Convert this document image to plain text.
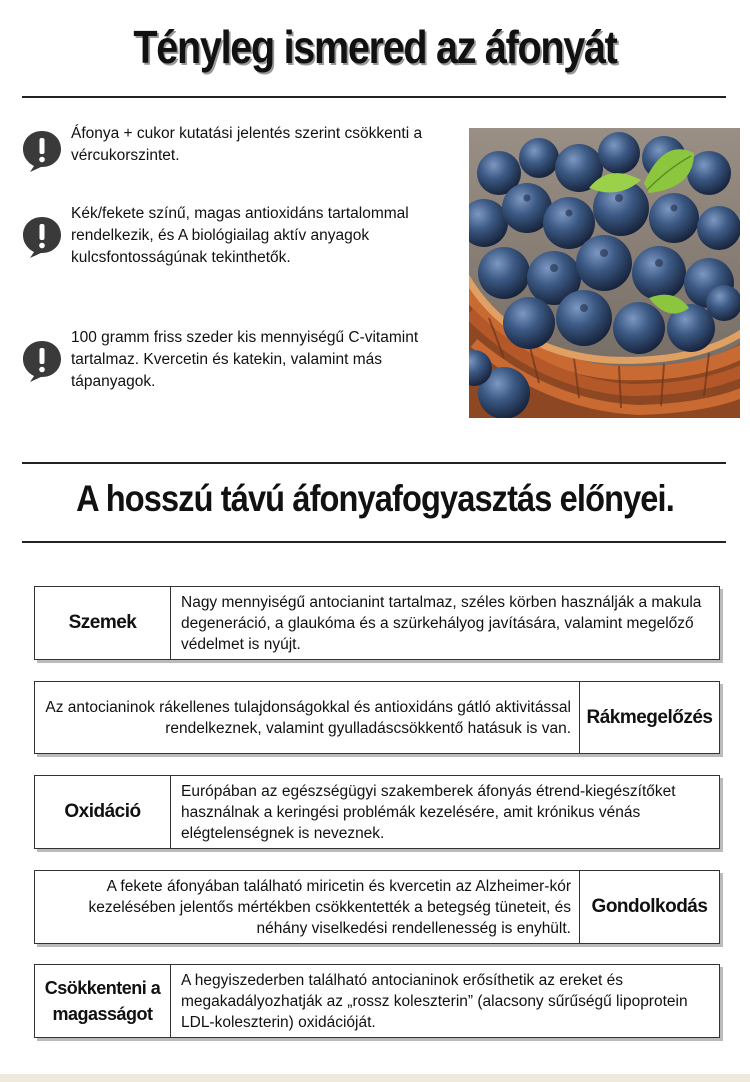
Tényleg ismered az áfonyát
Áfonya + cukor kutatási jelentés szerint csökkenti a vércukorszintet.
Kék/fekete színű, magas antioxidáns tartalommal rendelkezik, és A biológiailag aktív anyagok kulcsfontosságúnak tekinthetők.
100 gramm friss szeder kis mennyiségű C-vitamint tartalmaz. Kvercetin és katekin, valamint más tápanyagok.
A hosszú távú áfonyafogyasztás előnyei.
Szemek
Nagy mennyiségű antocianint tartalmaz, széles körben használják a makula degeneráció, a glaukóma és a szürkehályog javítására, valamint megelőző védelmet is nyújt.
Az antocianinok rákellenes tulajdonságokkal és antioxidáns gátló aktivitással rendelkeznek, valamint gyulladáscsökkentő hatásuk is van.
Rákmegelőzés
Oxidáció
Európában az egészségügyi szakemberek áfonyás étrend-kiegészítőket használnak a keringési problémák kezelésére, amit krónikus vénás elégtelenségnek is neveznek.
A fekete áfonyában található miricetin és kvercetin az Alzheimer-kór kezelésében jelentős mértékben csökkentették a betegség tüneteit, és néhány viselkedési rendellenesség is enyhült.
Gondolkodás
Csökkenteni a magasságot
A hegyiszederben található antocianinok erősíthetik az ereket és megakadályozhatják az „rossz koleszterin” (alacsony sűrűségű lipoprotein LDL-koleszterin) oxidációját.
